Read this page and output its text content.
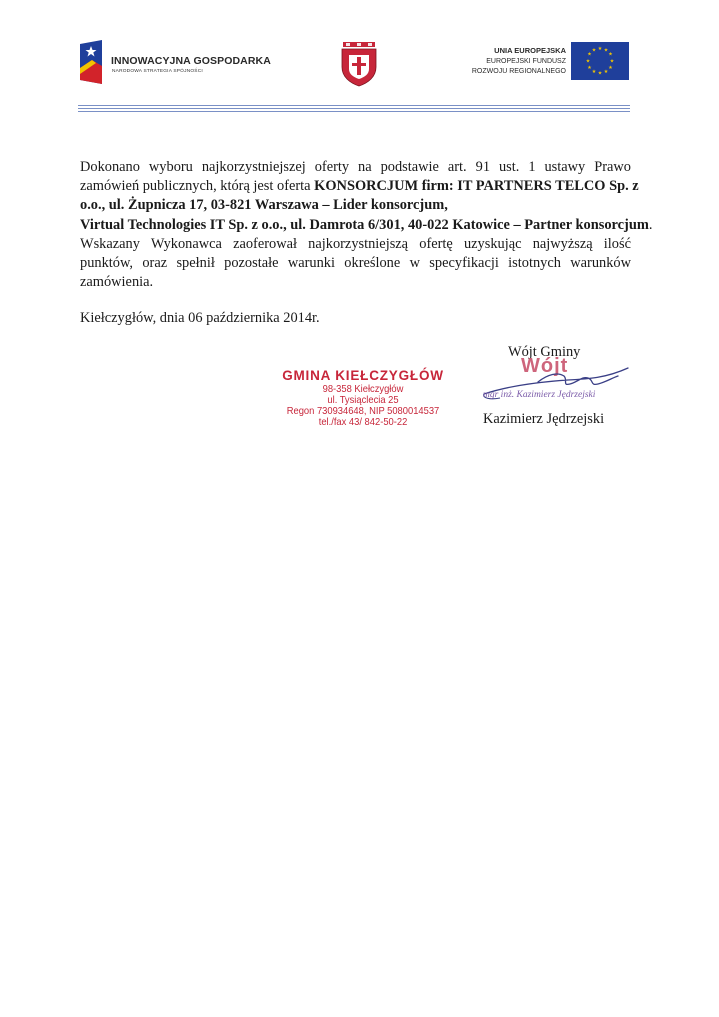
INNOWACYJNA GOSPODARKA
NARODOWA STRATEGIA SPÓJNOŚCI
UNIA EUROPEJSKA
EUROPEJSKI FUNDUSZ
ROZWOJU REGIONALNEGO
★ ★
★
★
★
★
★
★
★
★
★
★
Dokonano wyboru najkorzystniejszej oferty na podstawie art. 91 ust. 1 ustawy Prawo
zamówień publicznych, którą jest oferta KONSORCJUM firm: IT PARTNERS TELCO Sp. z
o.o., ul. Żupnicza 17, 03-821 Warszawa – Lider konsorcjum,
Virtual Technologies IT Sp. z o.o., ul. Damrota 6/301, 40-022 Katowice – Partner konsorcjum.
Wskazany Wykonawca zaoferował najkorzystniejszą ofertę uzyskując najwyższą ilość
punktów, oraz spełnił pozostałe warunki określone w specyfikacji istotnych warunków
zamówienia.
Kiełczygłów, dnia 06 października 2014r.
GMINA KIEŁCZYGŁÓW
98-358 Kiełczygłów
ul. Tysiąclecia 25
Regon 730934648, NIP 5080014537
tel./fax 43/ 842-50-22
Wójt Gminy
Wójt
mgr inż. Kazimierz Jędrzejski
Kazimierz Jędrzejski
